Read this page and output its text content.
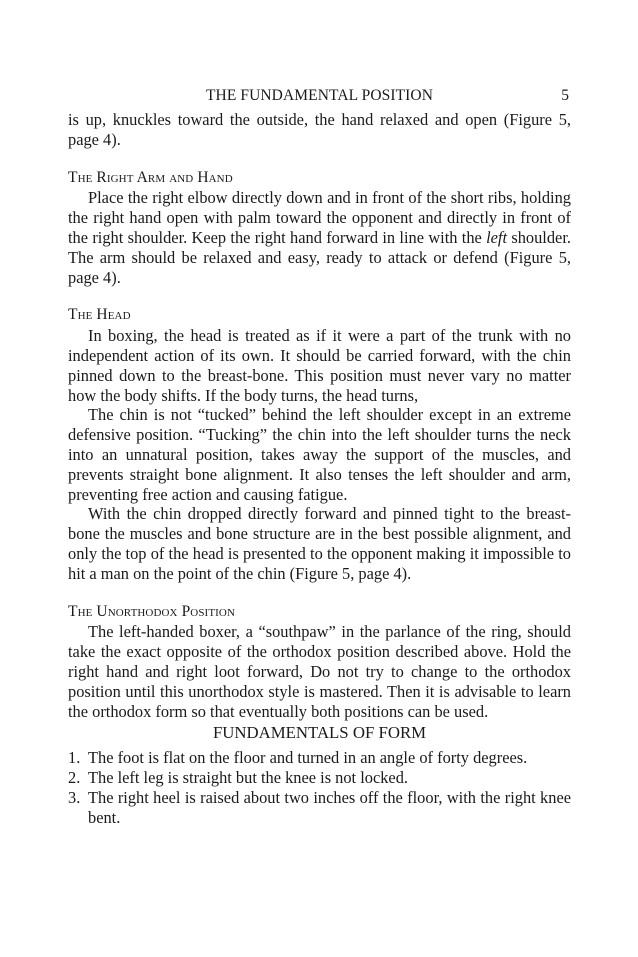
THE FUNDAMENTAL POSITION	5

is up, knuckles toward the outside, the hand relaxed and open (Figure 5, page 4).

The Right Arm and Hand

Place the right elbow directly down and in front of the short ribs, holding the right hand open with palm toward the opponent and directly in front of the right shoulder. Keep the right hand forward in line with the left shoulder. The arm should be relaxed and easy, ready to attack or defend (Figure 5, page 4).

The Head

In boxing, the head is treated as if it were a part of the trunk with no independent action of its own. It should be carried forward, with the chin pinned down to the breast-bone. This position must never vary no matter how the body shifts. If the body turns, the head turns,

The chin is not “tucked” behind the left shoulder except in an extreme defensive position. “Tucking” the chin into the left shoulder turns the neck into an unnatural position, takes away the support of the muscles, and prevents straight bone alignment. It also tenses the left shoulder and arm, preventing free action and causing fatigue.

With the chin dropped directly forward and pinned tight to the breast-bone the muscles and bone structure are in the best possible alignment, and only the top of the head is presented to the opponent making it impossible to hit a man on the point of the chin (Figure 5, page 4).

The Unorthodox Position

The left-handed boxer, a “southpaw” in the parlance of the ring, should take the exact opposite of the orthodox position described above. Hold the right hand and right loot forward, Do not try to change to the orthodox position until this unorthodox style is mastered. Then it is advisable to learn the orthodox form so that eventually both positions can be used.

FUNDAMENTALS OF FORM
1. The foot is flat on the floor and turned in an angle of forty degrees.
2. The left leg is straight but the knee is not locked.
3. The right heel is raised about two inches off the floor, with the right knee bent.
